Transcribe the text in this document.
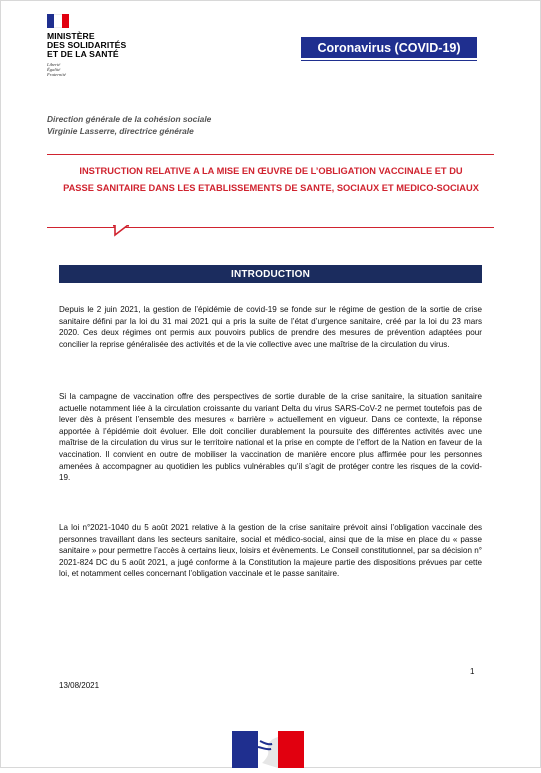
MINISTÈRE
DES SOLIDARITÉS
ET DE LA SANTÉ
Liberté
Égalité
Fraternité
Coronavirus (COVID-19)
Direction générale de la cohésion sociale
Virginie Lasserre, directrice générale
INSTRUCTION RELATIVE A LA MISE EN ŒUVRE DE L’OBLIGATION VACCINALE ET DU PASSE SANITAIRE DANS LES ETABLISSEMENTS DE SANTE, SOCIAUX ET MEDICO-SOCIAUX
INTRODUCTION
Depuis le 2 juin 2021, la gestion de l’épidémie de covid-19 se fonde sur le régime de gestion de la sortie de crise sanitaire défini par la loi du 31 mai 2021 qui a pris la suite de l’état d’urgence sanitaire, créé par la loi du 23 mars 2020. Ces deux régimes ont permis aux pouvoirs publics de prendre des mesures de prévention adaptées pour concilier la reprise généralisée des activités et de la vie collective avec une maîtrise de la circulation du virus.
Si la campagne de vaccination offre des perspectives de sortie durable de la crise sanitaire, la situation sanitaire actuelle notamment liée à la circulation croissante du variant Delta du virus SARS-CoV-2 ne permet toutefois pas de lever dès à présent l’ensemble des mesures « barrière » actuellement en vigueur. Dans ce contexte, la réponse apportée à l’épidémie doit évoluer. Elle doit concilier durablement la poursuite des différentes activités avec une maîtrise de la circulation du virus sur le territoire national et la prise en compte de l’effort de la Nation en faveur de la vaccination. Il convient en outre de mobiliser la vaccination de manière encore plus affirmée pour les personnes amenées à accompagner au quotidien les publics vulnérables qu’il s’agit de protéger contre les risques de la covid-19.
La loi n°2021-1040 du 5 août 2021 relative à la gestion de la crise sanitaire prévoit ainsi l’obligation vaccinale des personnes travaillant dans les secteurs sanitaire, social et médico-social, ainsi que de la mise en place du « passe sanitaire » pour permettre l’accès à certains lieux, loisirs et évènements. Le Conseil constitutionnel, par sa décision n° 2021-824 DC du 5 août 2021, a jugé conforme à la Constitution la majeure partie des dispositions prévues par cette loi, et notamment celles concernant l’obligation vaccinale et le passe sanitaire.
1
13/08/2021
